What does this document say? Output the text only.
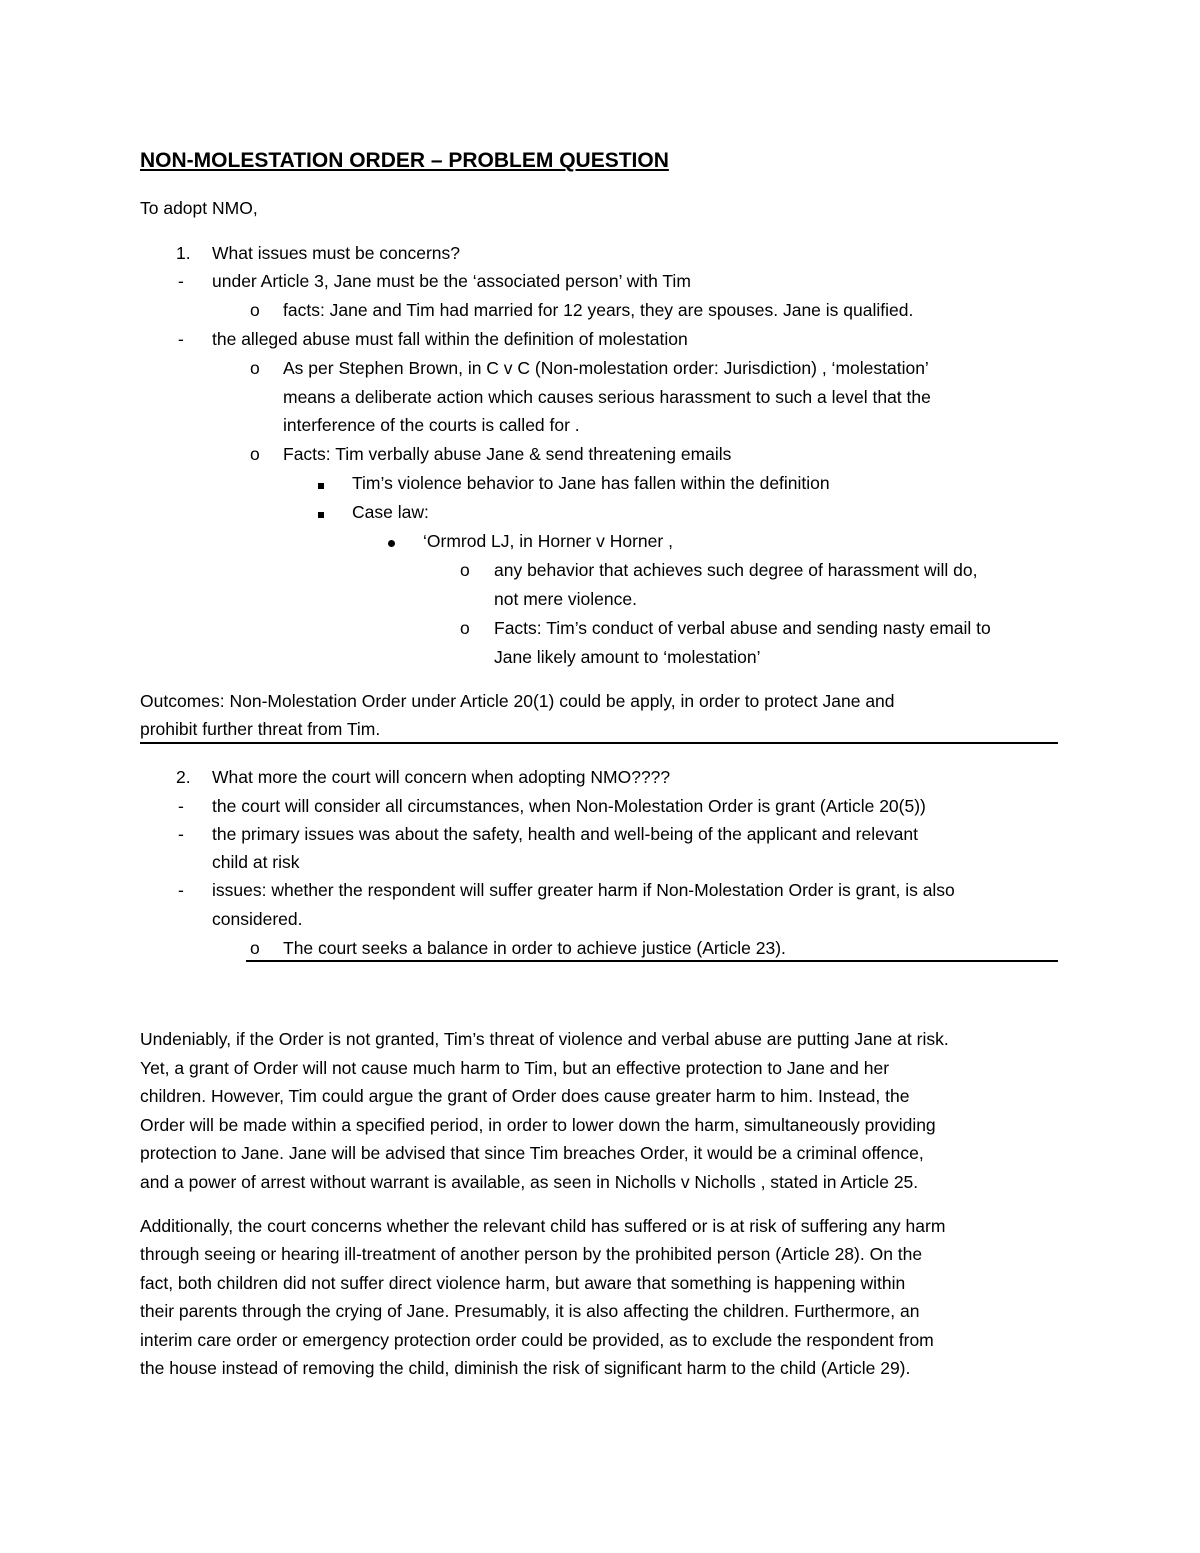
NON-MOLESTATION ORDER – PROBLEM QUESTION
To adopt NMO,
1. What issues must be concerns?
- under Article 3, Jane must be the ‘associated person’ with Tim
o facts: Jane and Tim had married for 12 years, they are spouses. Jane is qualified.
- the alleged abuse must fall within the definition of molestation
o As per Stephen Brown, in C v C (Non-molestation order: Jurisdiction) , ‘molestation’
means a deliberate action which causes serious harassment to such a level that the
interference of the courts is called for .
o Facts: Tim verbally abuse Jane & send threatening emails
Tim’s violence behavior to Jane has fallen within the definition
Case law:
‘Ormrod LJ, in Horner v Horner ,
o any behavior that achieves such degree of harassment will do,
not mere violence.
o Facts: Tim’s conduct of verbal abuse and sending nasty email to
Jane likely amount to ‘molestation’
Outcomes: Non-Molestation Order under Article 20(1) could be apply, in order to protect Jane and
prohibit further threat from Tim.
2. What more the court will concern when adopting NMO????
- the court will consider all circumstances, when Non-Molestation Order is grant (Article 20(5))
- the primary issues was about the safety, health and well-being of the applicant and relevant
child at risk
- issues: whether the respondent will suffer greater harm if Non-Molestation Order is grant, is also
considered.
o The court seeks a balance in order to achieve justice (Article 23).
Undeniably, if the Order is not granted, Tim’s threat of violence and verbal abuse are putting Jane at risk.
Yet, a grant of Order will not cause much harm to Tim, but an effective protection to Jane and her
children. However, Tim could argue the grant of Order does cause greater harm to him. Instead, the
Order will be made within a specified period, in order to lower down the harm, simultaneously providing
protection to Jane. Jane will be advised that since Tim breaches Order, it would be a criminal offence,
and a power of arrest without warrant is available, as seen in Nicholls v Nicholls , stated in Article 25.
Additionally, the court concerns whether the relevant child has suffered or is at risk of suffering any harm
through seeing or hearing ill-treatment of another person by the prohibited person (Article 28). On the
fact, both children did not suffer direct violence harm, but aware that something is happening within
their parents through the crying of Jane. Presumably, it is also affecting the children. Furthermore, an
interim care order or emergency protection order could be provided, as to exclude the respondent from
the house instead of removing the child, diminish the risk of significant harm to the child (Article 29).
